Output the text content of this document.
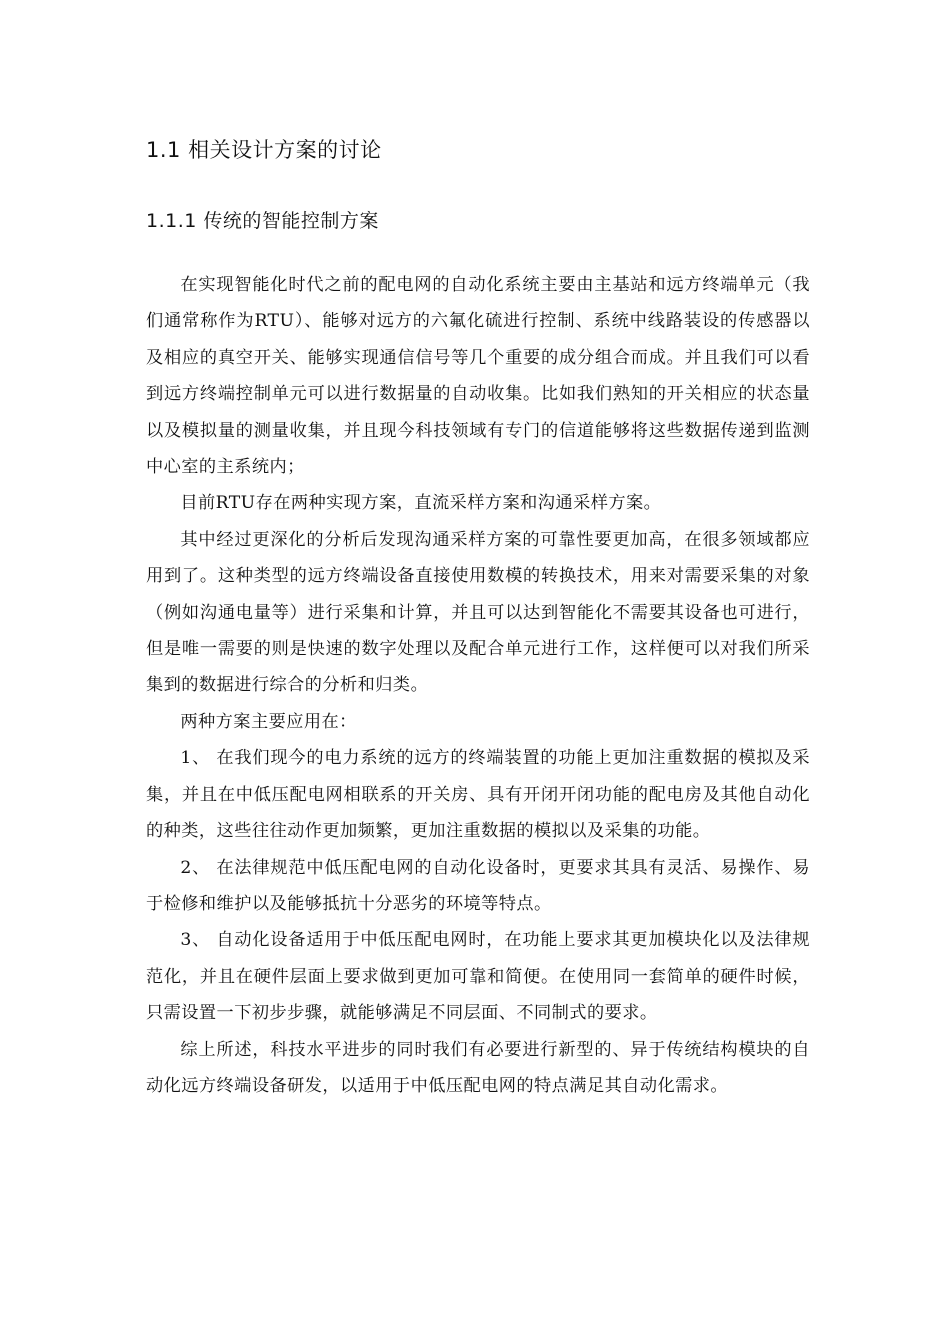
1.1 相关设计方案的讨论
1.1.1 传统的智能控制方案

在实现智能化时代之前的配电网的自动化系统主要由主基站和远方终端单元（我们通常称作为RTU）、能够对远方的六氟化硫进行控制、系统中线路装设的传感器以及相应的真空开关、能够实现通信信号等几个重要的成分组合而成。并且我们可以看到远方终端控制单元可以进行数据量的自动收集。比如我们熟知的开关相应的状态量以及模拟量的测量收集，并且现今科技领域有专门的信道能够将这些数据传递到监测中心室的主系统内；

目前RTU存在两种实现方案，直流采样方案和沟通采样方案。

其中经过更深化的分析后发现沟通采样方案的可靠性要更加高，在很多领域都应用到了。这种类型的远方终端设备直接使用数模的转换技术，用来对需要采集的对象（例如沟通电量等）进行采集和计算，并且可以达到智能化不需要其设备也可进行，但是唯一需要的则是快速的数字处理以及配合单元进行工作，这样便可以对我们所采集到的数据进行综合的分析和归类。

两种方案主要应用在：

1、 在我们现今的电力系统的远方的终端装置的功能上更加注重数据的模拟及采集，并且在中低压配电网相联系的开关房、具有开闭开闭功能的配电房及其他自动化的种类，这些往往动作更加频繁，更加注重数据的模拟以及采集的功能。

2、 在法律规范中低压配电网的自动化设备时，更要求其具有灵活、易操作、易于检修和维护以及能够抵抗十分恶劣的环境等特点。

3、 自动化设备适用于中低压配电网时，在功能上要求其更加模块化以及法律规范化，并且在硬件层面上要求做到更加可靠和简便。在使用同一套简单的硬件时候，只需设置一下初步步骤，就能够满足不同层面、不同制式的要求。

综上所述，科技水平进步的同时我们有必要进行新型的、异于传统结构模块的自动化远方终端设备研发，以适用于中低压配电网的特点满足其自动化需求。
